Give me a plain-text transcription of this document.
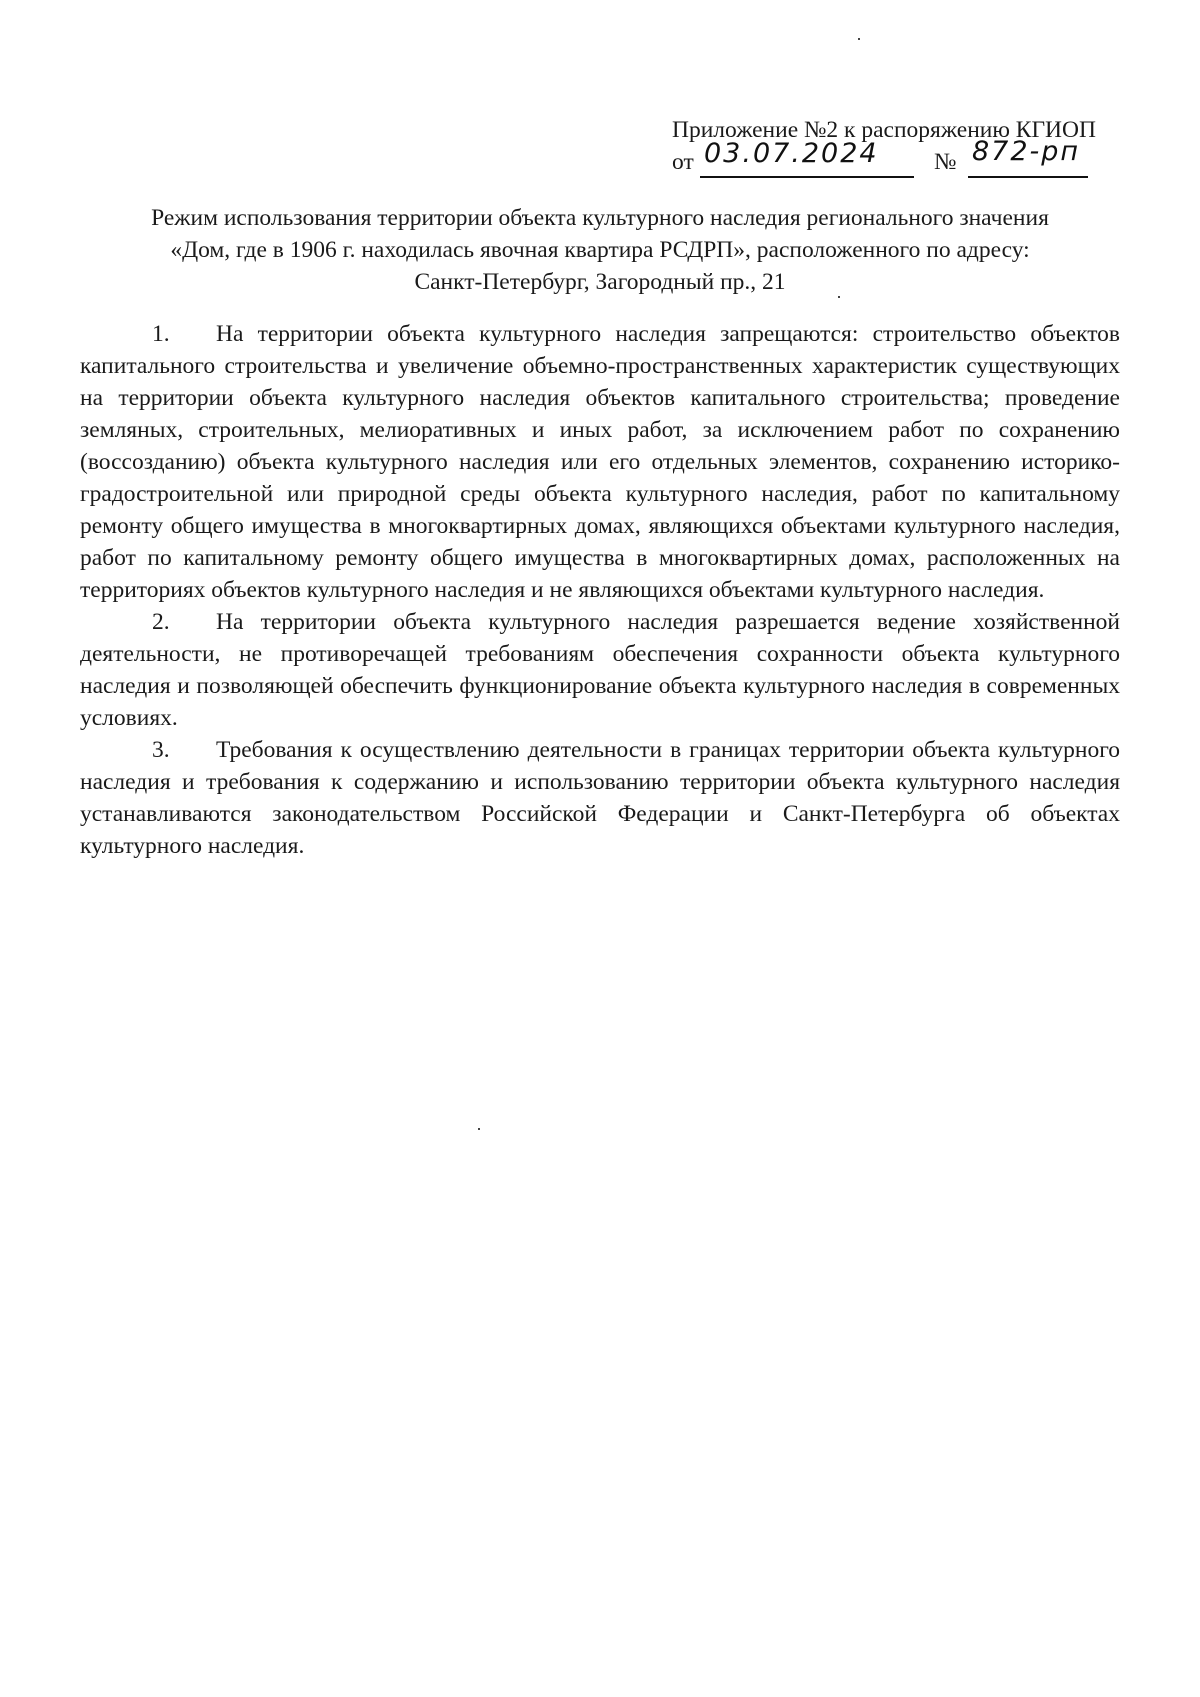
Приложение №2 к распоряжению КГИОП
от 03.07.2024	№ 872-рп
Режим использования территории объекта культурного наследия регионального значения
«Дом, где в 1906 г. находилась явочная квартира РСДРП», расположенного по адресу:
Санкт-Петербург, Загородный пр., 21

1. На территории объекта культурного наследия запрещаются: строительство объектов капитального строительства и увеличение объемно-пространственных характеристик существующих на территории объекта культурного наследия объектов капитального строительства; проведение земляных, строительных, мелиоративных и иных работ, за исключением работ по сохранению (воссозданию) объекта культурного наследия или его отдельных элементов, сохранению историко-градостроительной или природной среды объекта культурного наследия, работ по капитальному ремонту общего имущества в многоквартирных домах, являющихся объектами культурного наследия, работ по капитальному ремонту общего имущества в многоквартирных домах, расположенных на территориях объектов культурного наследия и не являющихся объектами культурного наследия.

2. На территории объекта культурного наследия разрешается ведение хозяйственной деятельности, не противоречащей требованиям обеспечения сохранности объекта культурного наследия и позволяющей обеспечить функционирование объекта культурного наследия в современных условиях.

3. Требования к осуществлению деятельности в границах территории объекта культурного наследия и требования к содержанию и использованию территории объекта культурного наследия устанавливаются законодательством Российской Федерации и Санкт-Петербурга об объектах культурного наследия.
